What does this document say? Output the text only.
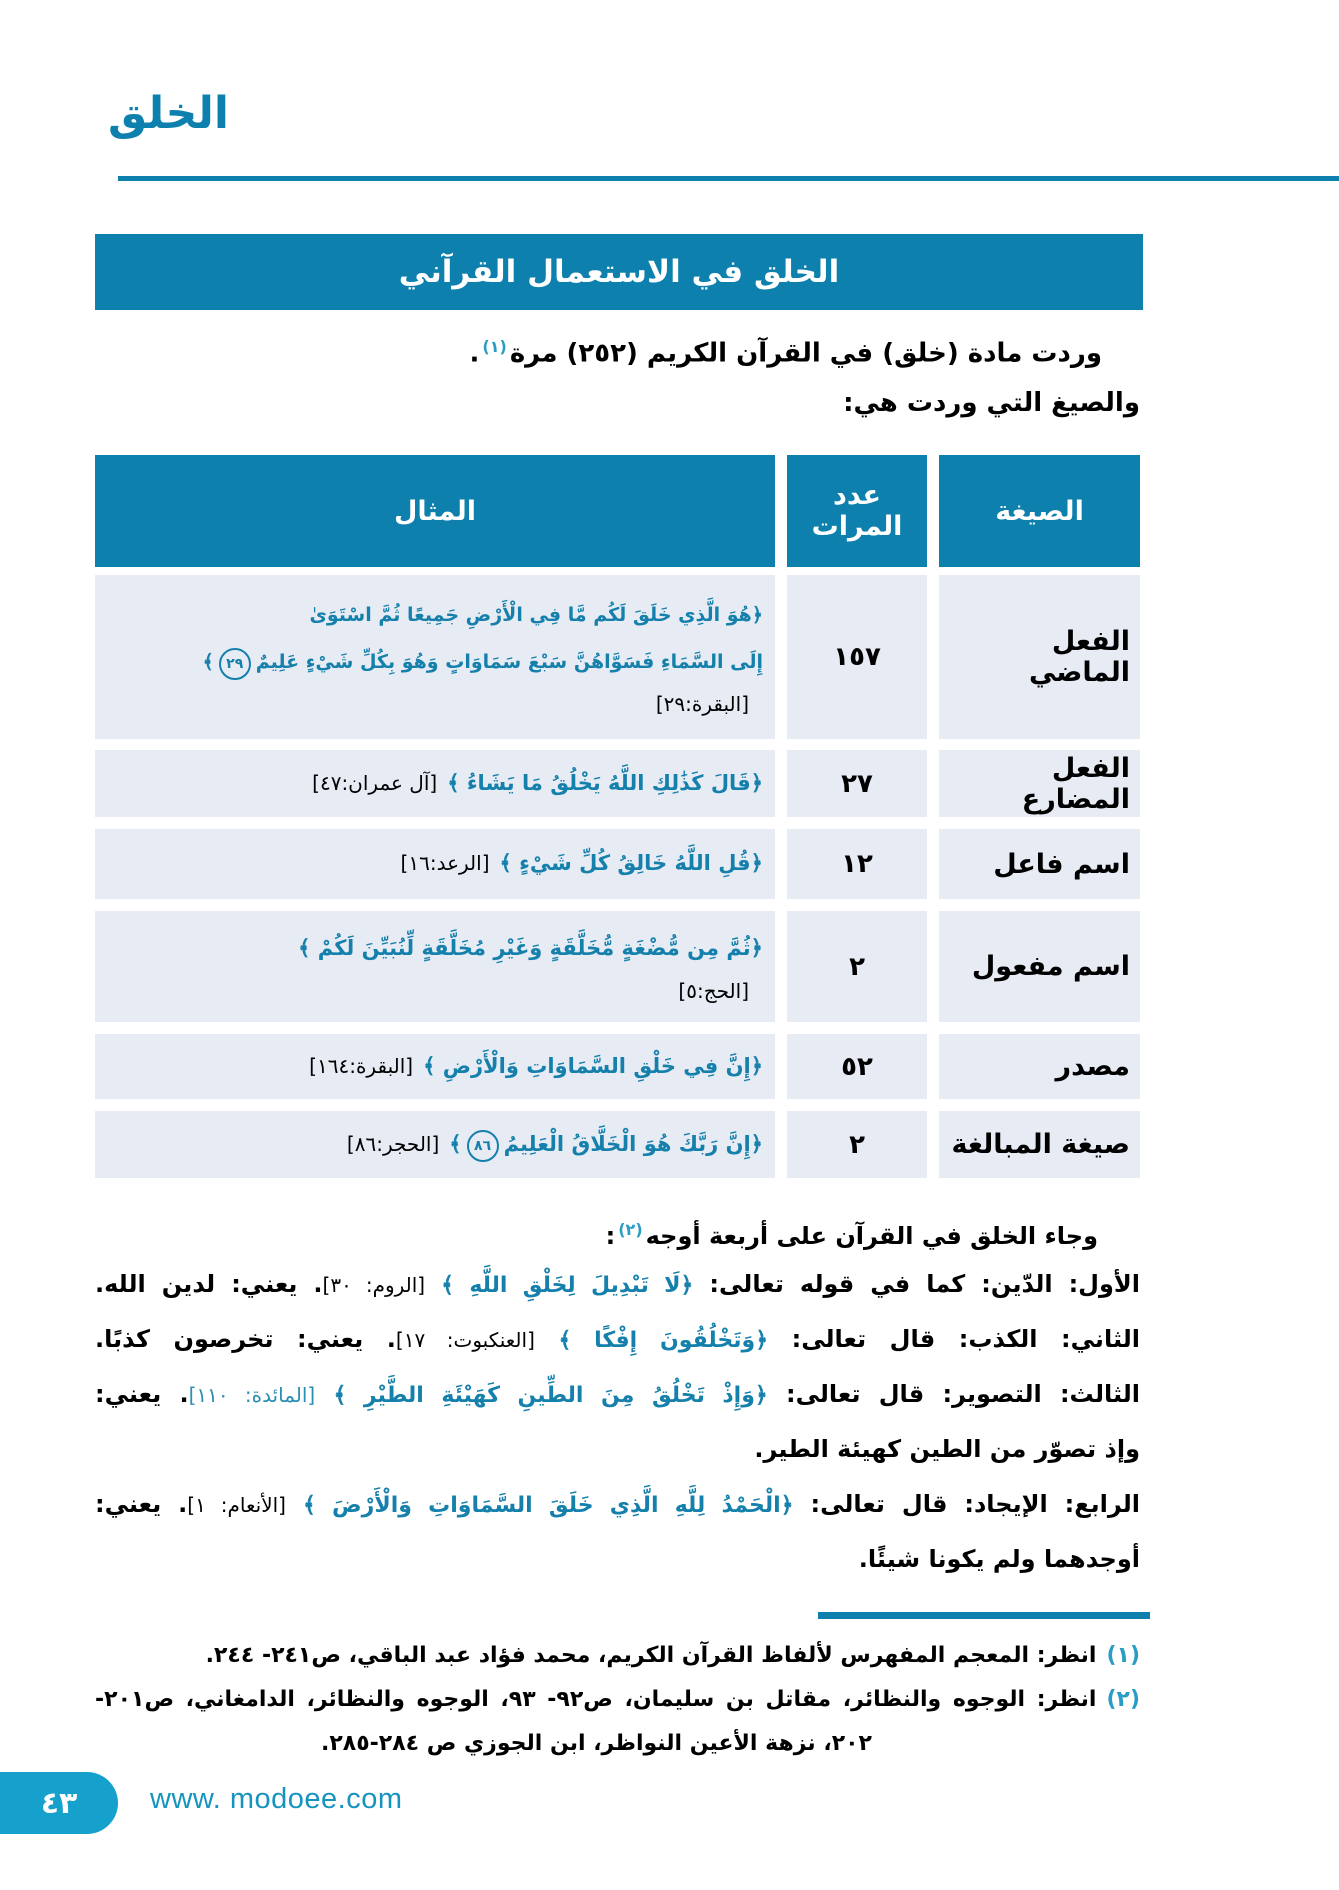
الخلق
الخلق في الاستعمال القرآني
وردت مادة (خلق) في القرآن الكريم (٢٥٢) مرة$^{(١)}$.
والصيغ التي وردت هي:
الصيغة
عدد
المرات
المثال
الفعل الماضي
١٥٧
﴿هُوَ الَّذِي خَلَقَ لَكُم مَّا فِي الْأَرْضِ جَمِيعًا ثُمَّ اسْتَوَىٰ
إِلَى السَّمَاءِ فَسَوَّاهُنَّ سَبْعَ سَمَاوَاتٍ وَهُوَ بِكُلِّ شَيْءٍ عَلِيمٌ٢٩﴾
[البقرة:٢٩]
الفعل المضارع
٢٧
﴿قَالَ كَذَٰلِكِ اللَّهُ يَخْلُقُ مَا يَشَاءُ ﴾[آل عمران:٤٧]
اسم فاعل
١٢
﴿قُلِ اللَّهُ خَالِقُ كُلِّ شَيْءٍ ﴾[الرعد:١٦]
اسم مفعول
٢
﴿ثُمَّ مِن مُّضْغَةٍ مُّخَلَّقَةٍ وَغَيْرِ مُخَلَّقَةٍ لِّنُبَيِّنَ لَكُمْ ﴾
[الحج:٥]
مصدر
٥٢
﴿إِنَّ فِي خَلْقِ السَّمَاوَاتِ وَالْأَرْضِ ﴾[البقرة:١٦٤]
صيغة المبالغة
٢
﴿إِنَّ رَبَّكَ هُوَ الْخَلَّاقُ الْعَلِيمُ٨٦﴾[الحجر:٨٦]
وجاء الخلق في القرآن على أربعة أوجه$^{(٢)}$:
الأول: الدّين: كما في قوله تعالى: ﴿لَا تَبْدِيلَ لِخَلْقِ اللَّهِ ﴾ [الروم: ٣٠]. يعني: لدين الله.
الثاني: الكذب: قال تعالى: ﴿وَتَخْلُقُونَ إِفْكًا ﴾ [العنكبوت: ١٧]. يعني: تخرصون كذبًا.
الثالث: التصوير: قال تعالى: ﴿وَإِذْ تَخْلُقُ مِنَ الطِّينِ كَهَيْئَةِ الطَّيْرِ ﴾ [المائدة: ١١٠]. يعني:
وإذ تصوّر من الطين كهيئة الطير.
الرابع: الإيجاد: قال تعالى: ﴿الْحَمْدُ لِلَّهِ الَّذِي خَلَقَ السَّمَاوَاتِ وَالْأَرْضَ ﴾ [الأنعام: ١]. يعني:
أوجدهما ولم يكونا شيئًا.
(١)انظر: المعجم المفهرس لألفاظ القرآن الكريم، محمد فؤاد عبد الباقي، ص٢٤١- ٢٤٤.
(٢)انظر: الوجوه والنظائر، مقاتل بن سليمان، ص٩٢- ٩٣، الوجوه والنظائر، الدامغاني، ص٢٠١-
٢٠٢، نزهة الأعين النواظر، ابن الجوزي ص ٢٨٤-٢٨٥.
٤٣	www. modoee.com
